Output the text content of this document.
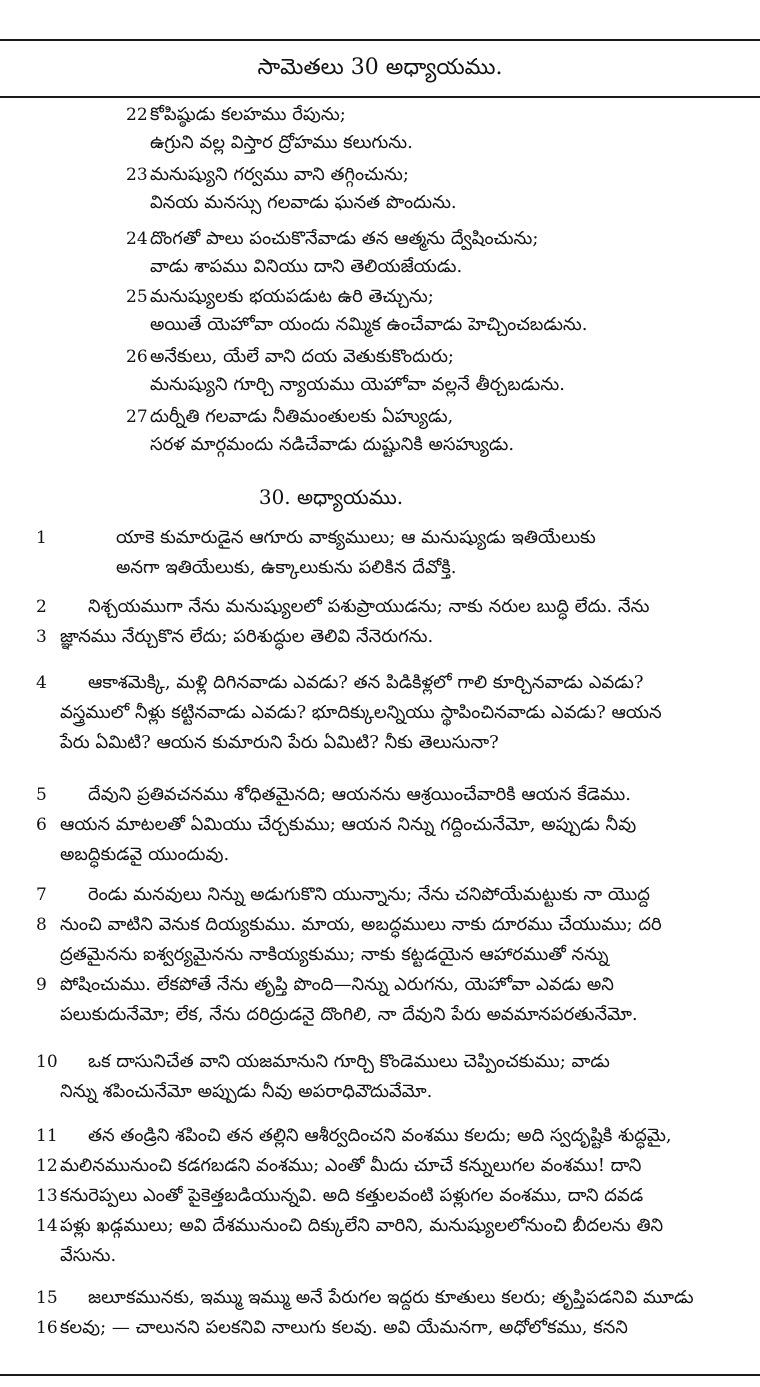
సామెతలు 30 అధ్యాయము.
22 కోపిష్ఠుడు కలహము రేపును;
ఉగ్రుని వల్ల విస్తార ద్రోహము కలుగును.
23 మనుష్యుని గర్వము వాని తగ్గించును;
వినయ మనస్సు గలవాడు ఘనత పొందును.
24 దొంగతో పాలు పంచుకొనేవాడు తన ఆత్మను ద్వేషించును;
వాడు శాపము వినియు దాని తెలియజేయడు.
25 మనుష్యులకు భయపడుట ఉరి తెచ్చును;
అయితే యెహోవా యందు నమ్మిక ఉంచేవాడు హెచ్చించబడును.
26 అనేకులు, యేలే వాని దయ వెతుకుకొందురు;
మనుష్యుని గూర్చి న్యాయము యెహోవా వల్లనే తీర్చబడును.
27 దుర్నీతి గలవాడు నీతిమంతులకు ఏహ్యుడు,
సరళ మార్గమందు నడిచేవాడు దుష్టునికి అసహ్యుడు.
30. అధ్యాయము.
1	యాకె కుమారుడైన ఆగూరు వాక్యములు; ఆ మనుష్యుడు ఇతియేలుకు
అనగా ఇతియేలుకు, ఉక్కాలుకును పలికిన దేవోక్తి.
2 నిశ్చయముగా నేను మనుష్యులలో పశుప్రాయుడను; నాకు నరుల బుద్ధి లేదు. నేను
3 జ్ఞానము నేర్చుకొన లేదు; పరిశుద్ధుల తెలివి నేనెరుగను.
4 ఆకాశమెక్కి, మళ్లి దిగినవాడు ఎవడు? తన పిడికిళ్లలో గాలి కూర్చినవాడు ఎవడు?
వస్త్రములో నీళ్లు కట్టినవాడు ఎవడు? భూదిక్కులన్నియు స్థాపించినవాడు ఎవడు? ఆయన
పేరు ఏమిటి? ఆయన కుమారుని పేరు ఏమిటి? నీకు తెలుసునా?
5 దేవుని ప్రతివచనము శోధితమైనది; ఆయనను ఆశ్రయించేవారికి ఆయన కేడెము.
6 ఆయన మాటలతో ఏమియు చేర్చకుము; ఆయన నిన్ను గద్దించునేమో, అప్పుడు నీవు
అబద్ధికుడవై యుందువు.
7 రెండు మనవులు నిన్ను అడుగుకొని యున్నాను; నేను చనిపోయేమట్టుకు నా యొద్ద
8 నుంచి వాటిని వెనుక దియ్యకుము. మాయ, అబద్ధములు నాకు దూరము చేయుము; దరి
ద్రతమైనను ఐశ్వర్యమైనను నాకియ్యకుము; నాకు కట్టడయైన ఆహారముతో నన్ను
9 పోషించుము. లేకపోతే నేను తృప్తి పొంది—నిన్ను ఎరుగను, యెహోవా ఎవడు అని
పలుకుదునేమో; లేక, నేను దరిద్రుడనై దొంగిలి, నా దేవుని పేరు అవమానపరతునేమో.
10 ఒక దాసునిచేత వాని యజమానుని గూర్చి కొండెములు చెప్పించకుము; వాడు
నిన్ను శపించునేమో అప్పుడు నీవు అపరాధివౌదువేమో.
11 తన తండ్రిని శపించి తన తల్లిని ఆశీర్వదించని వంశము కలదు; అది స్వదృష్టికి శుద్ధమై,
12 మలినమునుంచి కడగబడని వంశము; ఎంతో మీదు చూచే కన్నులుగల వంశము! దాని
13 కనురెప్పలు ఎంతో పైకెత్తబడియున్నవి. అది కత్తులవంటి పళ్లుగల వంశము, దాని దవడ
14 పళ్లు ఖడ్గములు; అవి దేశమునుంచి దిక్కులేని వారిని, మనుష్యులలోనుంచి బీదలను తిని
వేసును.
15 జలూకమునకు, ఇమ్ము ఇమ్ము అనే పేరుగల ఇద్దరు కూతులు కలరు; తృప్తిపడనివి మూడు
16 కలవు; — చాలునని పలకనివి నాలుగు కలవు. అవి యేమనగా, అధోలోకము, కనని
